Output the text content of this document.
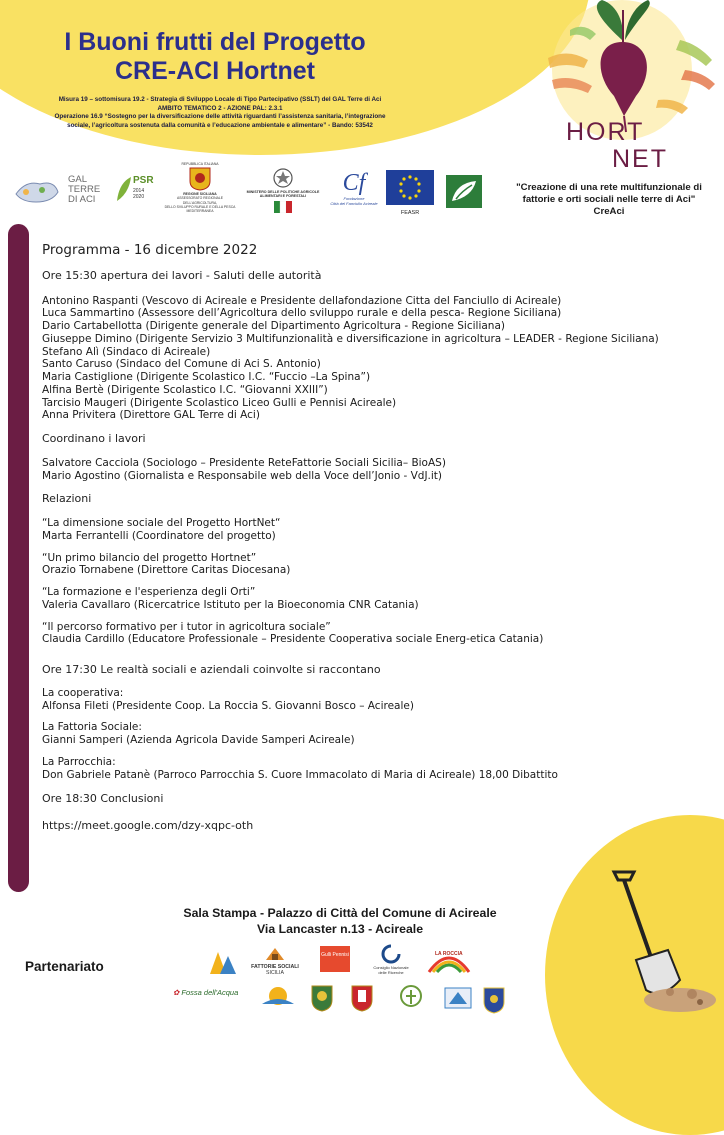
I Buoni frutti del Progetto
CRE-ACI Hortnet
Misura 19 – sottomisura 19.2 - Strategia di Sviluppo Locale di Tipo Partecipativo (SSLT) del GAL Terre di Aci
AMBITO TEMATICO 2 - AZIONE PAL: 2.3.1
Operazione 16.9 “Sostegno per la diversificazione delle attività riguardanti l’assistenza sanitaria, l’integrazione
sociale, l’agricoltura sostenuta dalla comunità e l’educazione ambientale e alimentare” - Bando: 53542	HORT
NET
"Creazione di una rete multifunzionale di
fattorie e orti sociali nelle terre di Aci"
CreAci
GAL
TERRE
DI ACI
PSR
2014 2020
REPUBBLICA ITALIANA
REGIONE SICILIANA
ASSESSORATO REGIONALE DELL'AGRICOLTURA,
DELLO SVILUPPO RURALE E DELLA PESCA
MEDITERRANEA
MINISTERO DELLE POLITICHE AGRICOLE
ALIMENTARI E FORESTALI
Cf
Fondazione
Città del Fanciullo Acireale
FEASR
Programma - 16 dicembre 2022
Ore 15:30 apertura dei lavori - Saluti delle autorità
Antonino Raspanti (Vescovo di Acireale e Presidente dellafondazione Citta del Fanciullo di Acireale)
Luca Sammartino (Assessore dell’Agricoltura dello sviluppo rurale e della pesca- Regione Siciliana)
Dario Cartabellotta (Dirigente generale del Dipartimento Agricoltura - Regione Siciliana)
Giuseppe Dimino (Dirigente Servizio 3 Multifunzionalità e diversificazione in agricoltura – LEADER - Regione Siciliana)
Stefano Alì (Sindaco di Acireale)
Santo Caruso (Sindaco del Comune di Aci S. Antonio)
Maria Castiglione (Dirigente Scolastico I.C. “Fuccio –La Spina”)
Alfina Bertè (Dirigente Scolastico I.C. “Giovanni XXIII”)
Tarcisio Maugeri (Dirigente Scolastico Liceo Gulli e Pennisi Acireale)
Anna Privitera (Direttore GAL Terre di Aci)
Coordinano i lavori
Salvatore Cacciola (Sociologo – Presidente ReteFattorie Sociali Sicilia– BioAS)
Mario Agostino (Giornalista e Responsabile web della Voce dell’Jonio - VdJ.it)
Relazioni
“La dimensione sociale del Progetto HortNet“
Marta Ferrantelli (Coordinatore del progetto)
“Un primo bilancio del progetto Hortnet”
Orazio Tornabene (Direttore Caritas Diocesana)
“La formazione e l'esperienza degli Orti”
Valeria Cavallaro (Ricercatrice Istituto per la Bioeconomia CNR Catania)
“Il percorso formativo per i tutor in agricoltura sociale”
Claudia Cardillo (Educatore Professionale – Presidente Cooperativa sociale Energ-etica Catania)
Ore 17:30 Le realtà sociali e aziendali coinvolte si raccontano
La cooperativa:
Alfonsa Fileti (Presidente Coop. La Roccia S. Giovanni Bosco – Acireale)
La Fattoria Sociale:
Gianni Samperi (Azienda Agricola Davide Samperi Acireale)
La Parrocchia:
Don Gabriele Patanè (Parroco Parrocchia S. Cuore Immacolato di Maria di Acireale) 18,00 Dibattito
Ore 18:30 Conclusioni
https://meet.google.com/dzy-xqpc-oth
Sala Stampa - Palazzo di Città del Comune di Acireale
Via Lancaster n.13 - Acireale
Partenariato	FATTORIE SOCIALI
SICILIA
Gulli Pennisi
Consiglio Nazionale
delle Ricerche
LA ROCCIA
✿ Fossa dell'Acqua
